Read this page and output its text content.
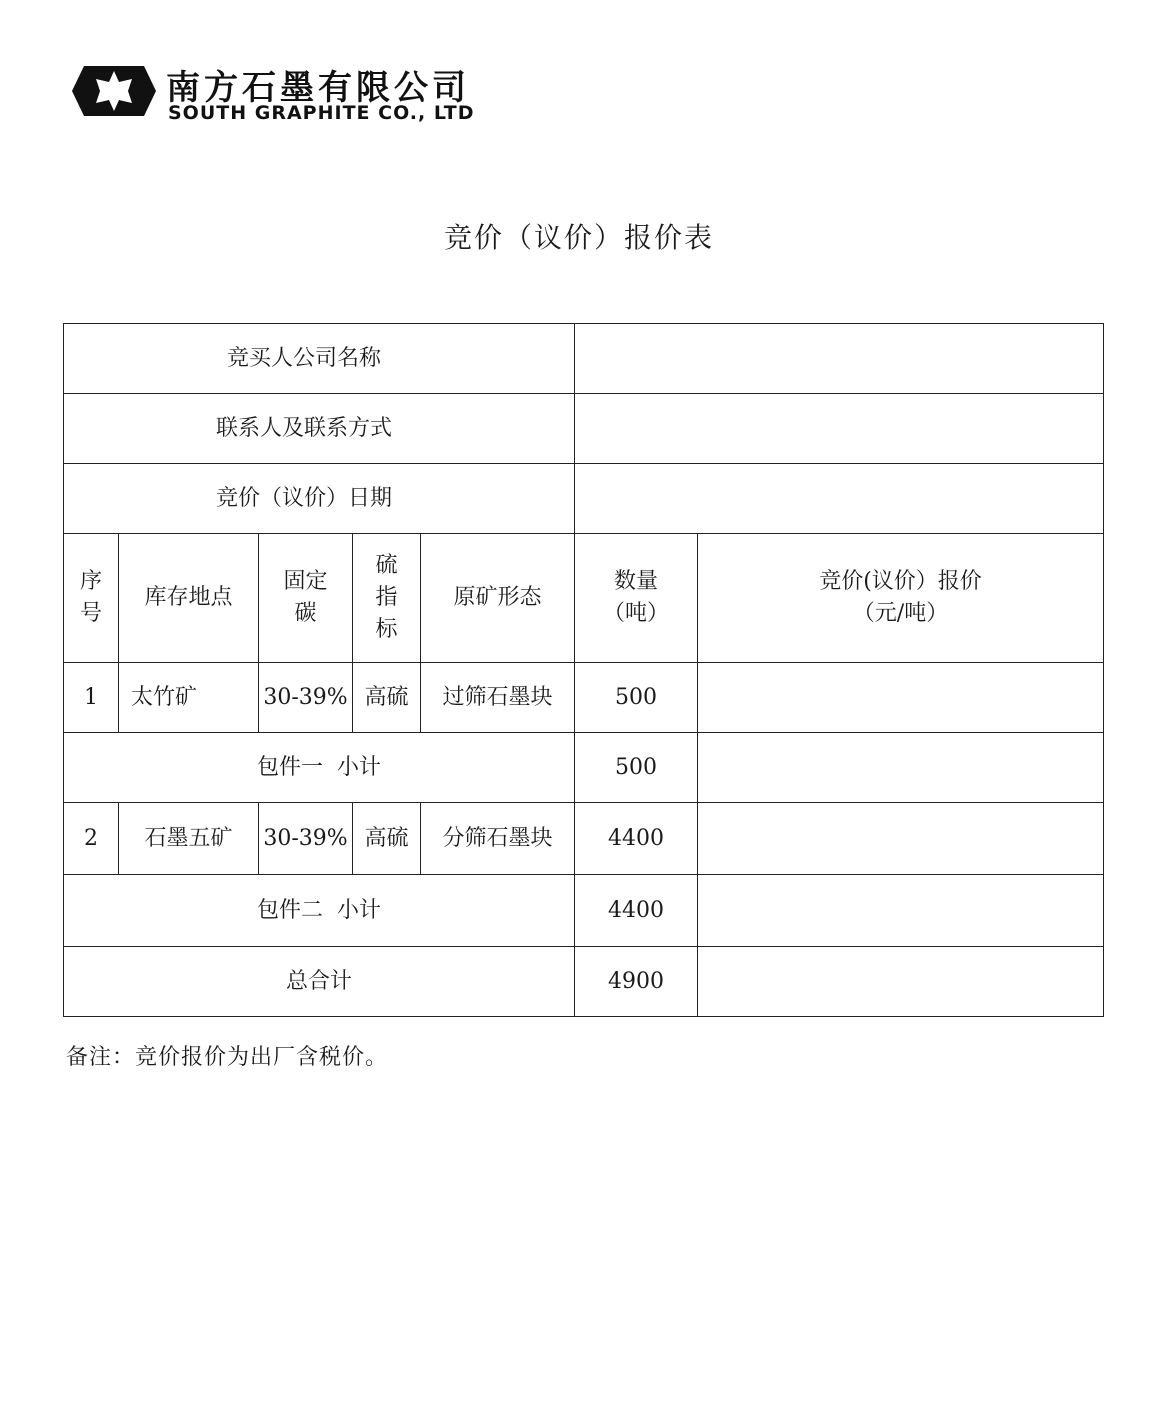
南方石墨有限公司
SOUTH GRAPHITE CO., LTD
竞价（议价）报价表
竞买人公司名称						
联系人及联系方式						
竞价（议价）日期						
序号	库存地点	固定碳	硫指标	原矿形态	数量（吨）	竞价(议价）报价
（元/吨）

1	太竹矿	30-39%	高硫	过筛石墨块	500	
包件一  小计					500	
2	石墨五矿	30-39%	高硫	分筛石墨块	4400	
包件二  小计					4400	
总合计					4900	
备注：竞价报价为出厂含税价。
